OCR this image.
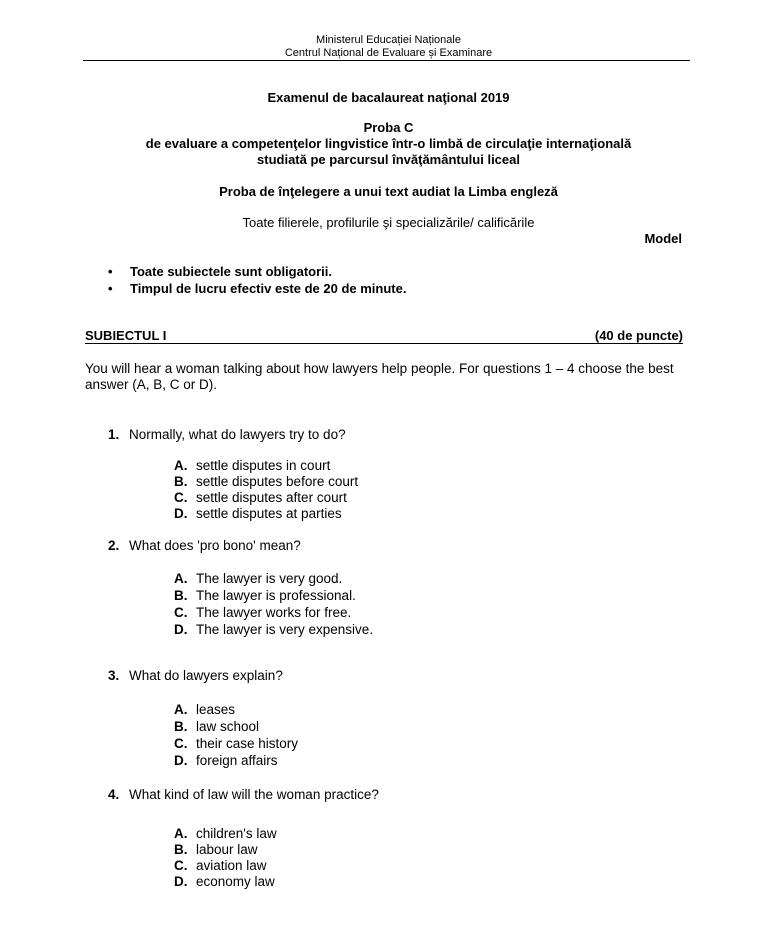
Ministerul Educației Naționale
Centrul Național de Evaluare și Examinare
Examenul de bacalaureat naţional 2019
Proba C
de evaluare a competenţelor lingvistice într-o limbă de circulaţie internaţională
studiată pe parcursul învăţământului liceal
Proba de înţelegere a unui text audiat la Limba engleză
Toate filierele, profilurile şi specializările/ calificările
Model
• Toate subiectele sunt obligatorii.
• Timpul de lucru efectiv este de 20 de minute.
SUBIECTUL I	(40 de puncte)
You will hear a woman talking about how lawyers help people. For questions 1 – 4 choose the best
answer (A, B, C or D).
1. Normally, what do lawyers try to do?
A. settle disputes in court
B. settle disputes before court
C. settle disputes after court
D. settle disputes at parties
2. What does 'pro bono' mean?
A. The lawyer is very good.
B. The lawyer is professional.
C. The lawyer works for free.
D. The lawyer is very expensive.
3. What do lawyers explain?
A. leases
B. law school
C. their case history
D. foreign affairs
4. What kind of law will the woman practice?
A. children's law
B. labour law
C. aviation law
D. economy law
